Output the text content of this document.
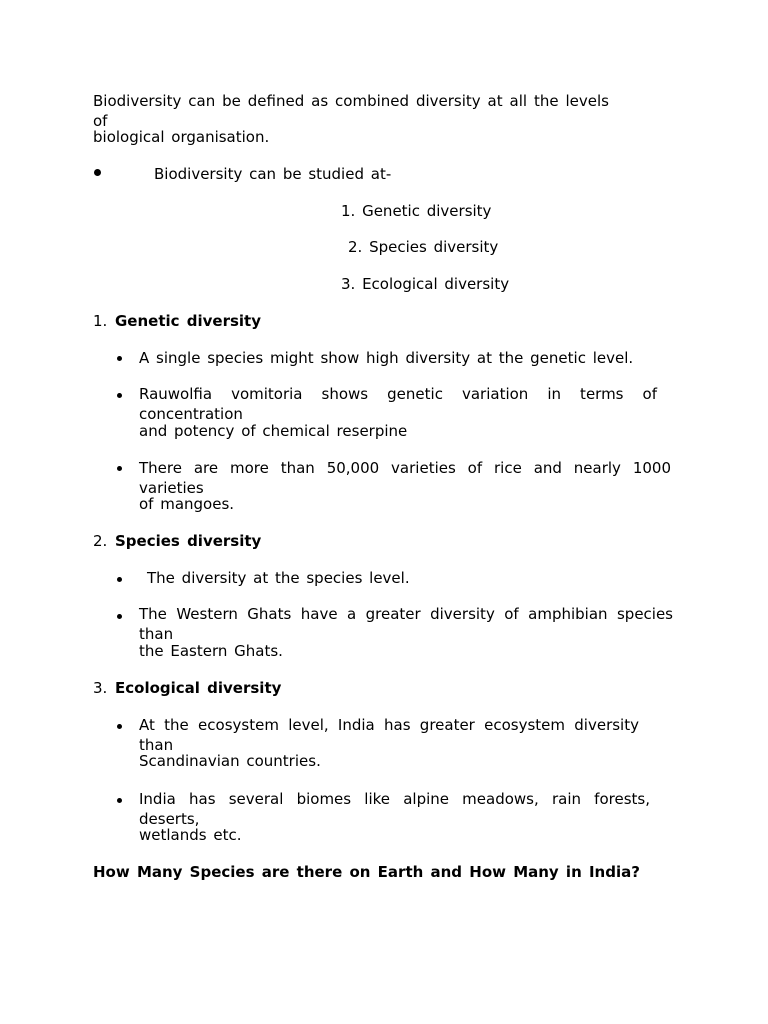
Biodiversity can be defined as combined diversity at all the levels of
biological organisation.
Biodiversity can be studied at-
1. Genetic diversity
2. Species diversity
3. Ecological diversity
1. Genetic diversity
A single species might show high diversity at the genetic level.
Rauwolfia vomitoria shows genetic variation in terms of concentration
and potency of chemical reserpine
There are more than 50,000 varieties of rice and nearly 1000 varieties
of mangoes.
2. Species diversity
The diversity at the species level.
The Western Ghats have a greater diversity of amphibian species than
the Eastern Ghats.
3. Ecological diversity
At the ecosystem level, India has greater ecosystem diversity than
Scandinavian countries.
India has several biomes like alpine meadows, rain forests, deserts,
wetlands etc.
How Many Species are there on Earth and How Many in India?
